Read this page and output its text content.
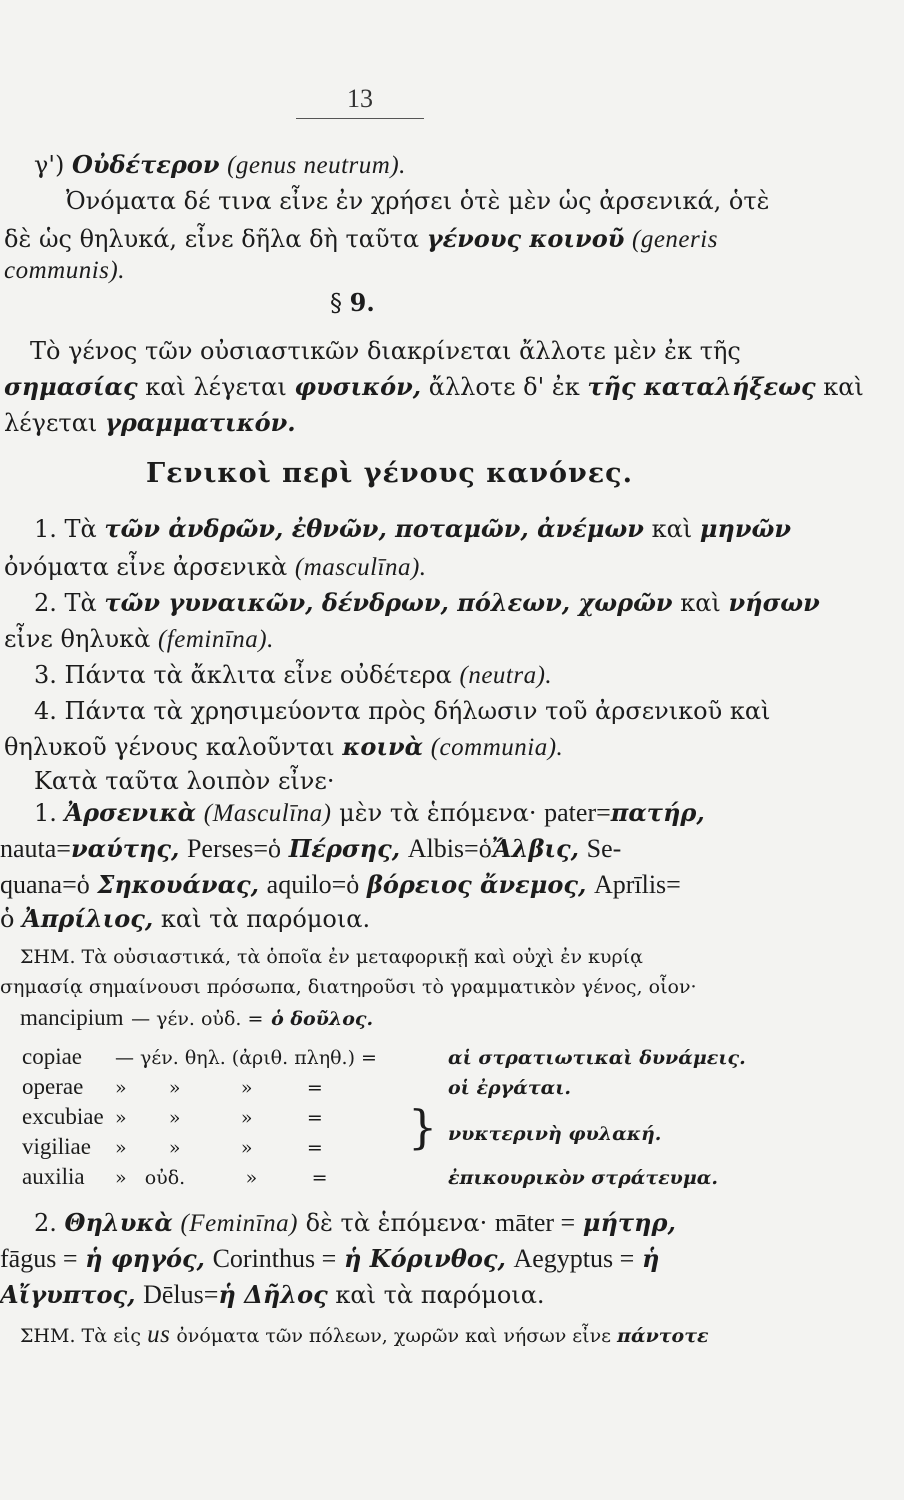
13
γ') Οὐδέτερον (genus neutrum).
Ὀνόματα δέ τινα εἶνε ἐν χρήσει ὁτὲ μὲν ὡς ἀρσενικά, ὁτὲ
δὲ ὡς θηλυκά, εἶνε δῆλα δὴ ταῦτα γένους κοινοῦ (generis
communis).
§ 9.
Τὸ γένος τῶν οὐσιαστικῶν διακρίνεται ἄλλοτε μὲν ἐκ τῆς
σημασίας καὶ λέγεται φυσικόν, ἄλλοτε δ' ἐκ τῆς καταλήξεως καὶ
λέγεται γραμματικόν.
Γενικοὶ περὶ γένους κανόνες.
1. Τὰ τῶν ἀνδρῶν, ἐθνῶν, ποταμῶν, ἀνέμων καὶ μηνῶν
ὀνόματα εἶνε ἀρσενικὰ (masculīna).
2. Τὰ τῶν γυναικῶν, δένδρων, πόλεων, χωρῶν καὶ νήσων
εἶνε θηλυκὰ (feminīna).
3. Πάντα τὰ ἄκλιτα εἶνε οὐδέτερα (neutra).
4. Πάντα τὰ χρησιμεύοντα πρὸς δήλωσιν τοῦ ἀρσενικοῦ καὶ
θηλυκοῦ γένους καλοῦνται κοινὰ (communia).
Κατὰ ταῦτα λοιπὸν εἶνε·
1. Ἀρσενικὰ (Masculīna) μὲν τὰ ἑπόμενα· pater=πατήρ,
nauta=ναύτης, Perses=ὁ Πέρσης, Albis=ὁἌλβις, Se-
quana=ὁ Σηκουάνας, aquilo=ὁ βόρειος ἄνεμος, Aprīlis=
ὁ Ἀπρίλιος, καὶ τὰ παρόμοια.
ΣΗΜ. Τὰ οὐσιαστικά, τὰ ὁποῖα ἐν μεταφορικῇ καὶ οὐχὶ ἐν κυρίᾳ
σημασίᾳ σημαίνουσι πρόσωπα, διατηροῦσι τὸ γραμματικὸν γένος, οἷον·
mancipium — γέν. οὐδ. = ὁ δοῦλος.
copiae — γέν. θηλ. (ἀριθ. πληθ.) =	αἱ στρατιωτικαὶ δυνάμεις.
operae »       »          »         =	οἱ ἐργάται.
excubiae »       »          »         =
vigiliae »       »          »         = νυκτερινὴ φυλακή.
auxilia »   οὐδ.          »         =	ἐπικουρικὸν στράτευμα.
}
2. Θηλυκὰ (Feminīna) δὲ τὰ ἑπόμενα· māter = μήτηρ,
fāgus = ἡ φηγός, Corinthus = ἡ Κόρινθος, Aegyptus = ἡ
Αἴγυπτος, Dēlus=ἡ Δῆλος καὶ τὰ παρόμοια.
ΣΗΜ. Τὰ εἰς us ὀνόματα τῶν πόλεων, χωρῶν καὶ νήσων εἶνε πάντοτε
